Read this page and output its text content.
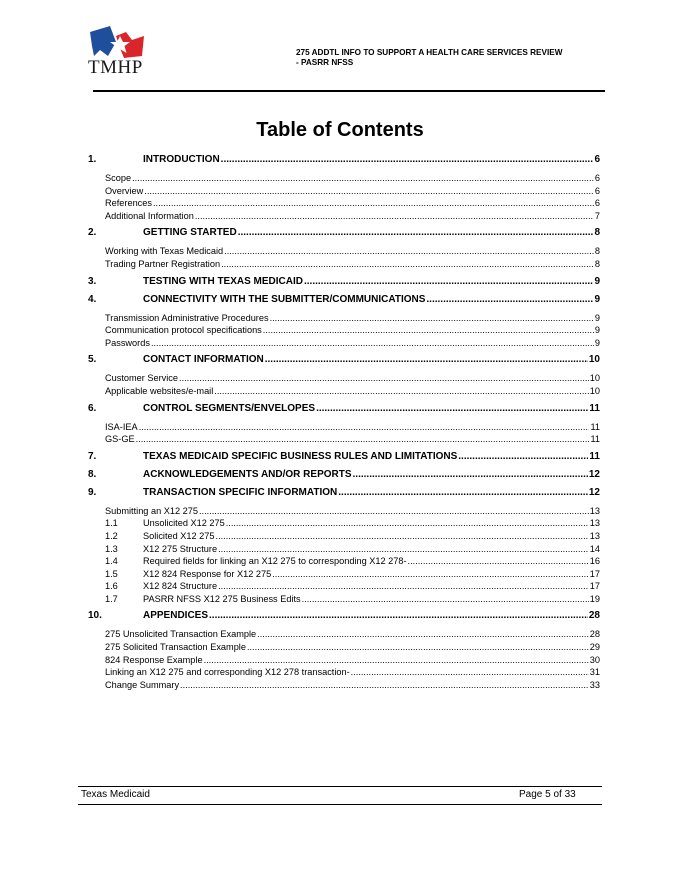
TMHP
275 ADDTL INFO TO SUPPORT A HEALTH CARE SERVICES REVIEW
- PASRR NFSS
Table of Contents
1.	INTRODUCTION .....	6
Scope .....	6
Overview .....	6
References .....	6
Additional Information .....	7
2.	GETTING STARTED .....	8
Working with Texas Medicaid .....	8
Trading Partner Registration .....	8
3.	TESTING WITH TEXAS MEDICAID .....	9
4.	CONNECTIVITY WITH THE SUBMITTER/COMMUNICATIONS .....	9
Transmission Administrative Procedures .....	9
Communication protocol specifications .....	9
Passwords .....	9
5.	CONTACT INFORMATION .....	10
Customer Service .....	10
Applicable websites/e-mail .....	10
6.	CONTROL SEGMENTS/ENVELOPES .....	11
ISA-IEA .....	11
GS-GE .....	11
7.	TEXAS MEDICAID SPECIFIC BUSINESS RULES AND LIMITATIONS .....	11
8.	ACKNOWLEDGEMENTS AND/OR REPORTS .....	12
9.	TRANSACTION SPECIFIC INFORMATION .....	12
Submitting an X12 275 .....	13
1.1	Unsolicited X12 275 .....	13
1.2	Solicited X12 275 .....	13
1.3	X12 275 Structure .....	14
1.4	Required fields for linking an X12 275 to corresponding X12 278- .....	16
1.5	X12 824 Response for X12 275 .....	17
1.6	X12 824 Structure .....	17
1.7	PASRR NFSS X12 275 Business Edits .....	19
10.	APPENDICES .....	28
275 Unsolicited Transaction Example .....	28
275 Solicited Transaction Example .....	29
824 Response Example .....	30
Linking an X12 275 and corresponding X12 278 transaction- .....	31
Change Summary .....	33
Texas Medicaid	Page 5 of 33
